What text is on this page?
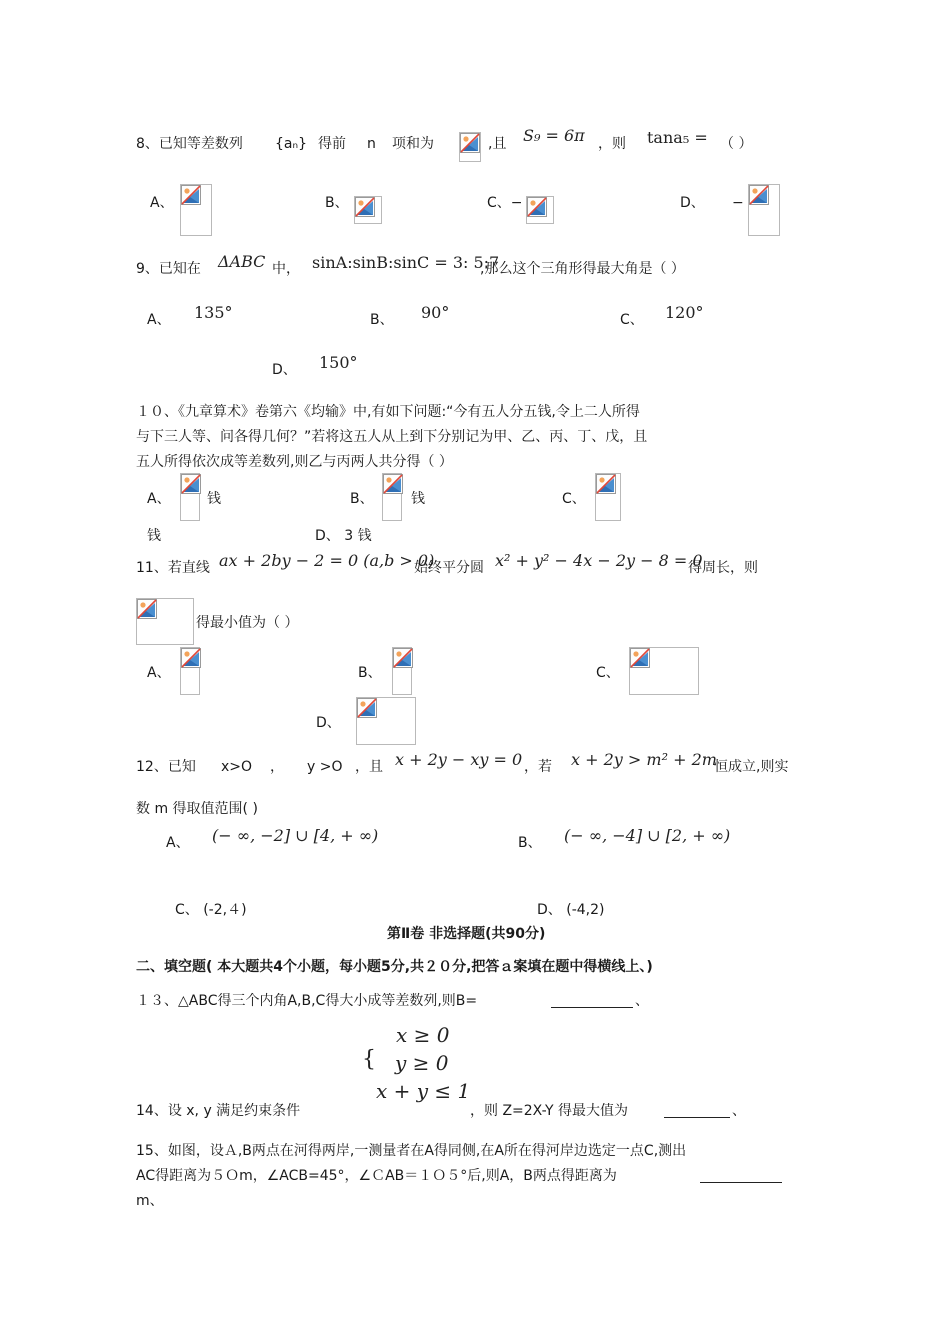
8、已知等差数列 {aₙ} 得前 n 项和为	,且 S₉ = 6π ，则 tana₅ = （ ）
A、	B、	C、−	D、 −
9、已知在 ΔABC 中， sinA:sinB:sinC = 3: 5:7
,那么这个三角形得最大角是（ ）
A、 135°	B、 90°	C、 120°
D、 150°
１０、《九章算术》卷第六《均输》中,有如下问题:“今有五人分五钱,令上二人所得
与下三人等、问各得几何？”若将这五人从上到下分别记为甲、乙、丙、丁、戊，且
五人所得依次成等差数列,则乙与丙两人共分得（ ）
A、	钱	B、	钱	C、
钱	D、 3 钱
11、若直线 ax + 2by − 2 = 0 (a,b > 0)
始终平分圆 x² + y² − 4x − 2y − 8 = 0
得周长，则
得最小值为（ ）
A、	B、	C、
D、
12、已知 x>O ， y >O ，且 x + 2y − xy = 0 ，若 x + 2y > m² + 2m
恒成立,则实
数 m 得取值范围( )
A、 (− ∞, −2] ∪ [4, + ∞)	B、 (− ∞, −4] ∪ [2, + ∞)
C、 (-2,４)	D、 (-4,2)
第Ⅱ卷 非选择题(共90分)
二、填空题( 本大题共4个小题，每小题5分,共２０分,把答ａ案填在题中得横线上、)
１３、△ABC得三个内角A,B,C得大小成等差数列,则B=	、
{
x ≥ 0
y ≥ 0
x + y ≤ 1
14、设 x, y 满足约束条件	，则 Z=2X-Y 得最大值为	、
15、如图，设Ａ,B两点在河得两岸,一测量者在A得同侧,在A所在得河岸边选定一点C,测出
AC得距离为５Ｏm，∠ACB=45°，∠ＣAB＝１Ｏ５°后,则A，B两点得距离为
m、
